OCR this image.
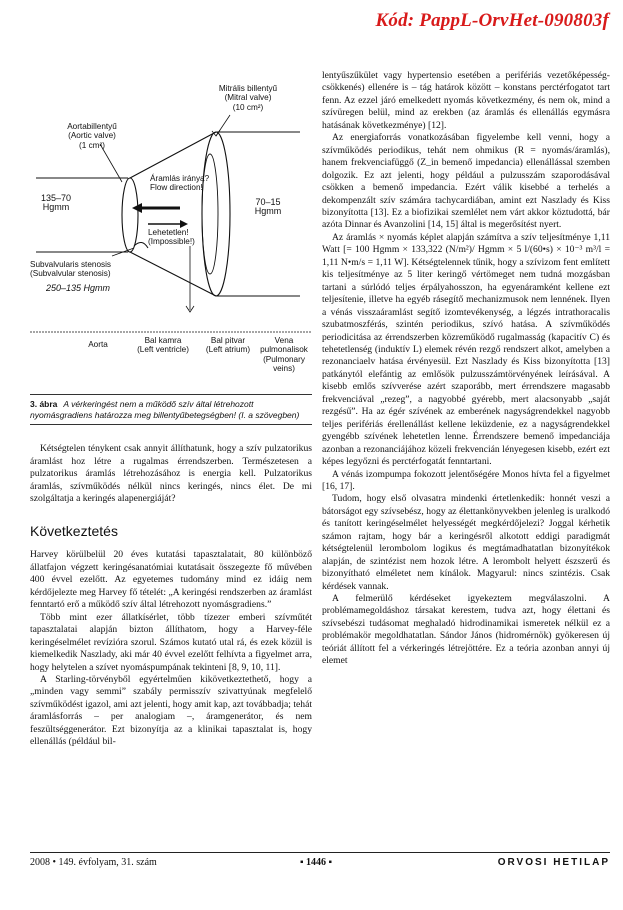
Kód: PappL-OrvHet-090803f
Mitrális billentyű
(Mitral valve)
(10 cm²)
Aortabillentyű
(Aortic valve)
(1 cm²)
135–70
Hgmm
70–15
Hgmm
Áramlás iránya?
Flow direction!
Lehetetlen!
(Impossible!)
Subvalvularis stenosis
(Subvalvular stenosis)
250–135 Hgmm
Aorta	Bal kamra
(Left ventricle)
Bal pitvar
(Left atrium)
Vena
pulmonalisok
(Pulmonary
veins)
3. ábra A vérkeringést nem a működő szív által létrehozott nyomásgradiens határozza meg billentyűbetegségben! (I. a szövegben)

Kétségtelen ténykent csak annyit állíthatunk, hogy a szív pulzatorikus áramlást hoz létre a rugalmas érrendszerben. Természetesen a pulzatorikus áramlás létrehozásához is energia kell. Pulzatorikus áramlás, szívműködés nélkül nincs keringés, nincs élet. De mi szolgáltatja a keringés alapenergiáját?

Következtetés

Harvey körülbelül 20 éves kutatási tapasztalatait, 80 különböző állatfajon végzett keringésanatómiai kutatásait összegezte fő művében 400 évvel ezelőtt. Az egyetemes tudomány mind ez idáig nem kérdőjelezte meg Harvey fő tételét: „A keringési rendszerben az áramlást fenntartó erő a működő szív által létrehozott nyomásgradiens.”

Több mint ezer állatkísérlet, több tízezer emberi szívműtét tapasztalatai alapján bizton állíthatom, hogy a Harvey-féle keringéselmélet revízióra szorul. Számos kutató utal rá, és ezek közül is kiemelkedik Naszlady, aki már 40 évvel ezelőtt felhívta a figyelmet arra, hogy helytelen a szívet nyomáspumpának tekinteni [8, 9, 10, 11].

A Starling-törvényből egyértelműen kikövetkeztethető, hogy a „minden vagy semmi” szabály permisszív szivattyúnak megfelelő szívműködést igazol, ami azt jelenti, hogy amit kap, azt továbbadja; tehát áramlásforrás – per analogiam –, áramgenerátor, és nem feszültséggenerátor. Ezt bizonyítja az a klinikai tapasztalat is, hogy ellenállás (például bil-

lentyűszűkület vagy hypertensio esetében a perifériás vezetőképesség-csökkenés) ellenére is – tág határok között – konstans perctérfogatot tart fenn. Az ezzel járó emelkedett nyomás következmény, és nem ok, mind a szívüregen belül, mind az erekben (az áramlás és ellenállás egymásra hatásának következménye) [12].

Az energiaforrás vonatkozásában figyelembe kell venni, hogy a szívműködés periodikus, tehát nem ohmikus (R = nyomás/áramlás), hanem frekvenciafüggő (Z_in bemenő impedancia) ellenállással szemben dolgozik. Ez azt jelenti, hogy például a pulzusszám szaporodásával csökken a bemenő impedancia. Ezért válik kisebbé a terhelés a dekompenzált szív számára tachycardiában, amint ezt Naszlady és Kiss bizonyította [13]. Ez a biofizikai szemlélet nem várt akkor köztudottá, bár azóta Dinnar és Avanzolini [14, 15] által is megerősítést nyert.

Az áramlás × nyomás képlet alapján számítva a szív teljesítménye 1,11 Watt [= 100 Hgmm × 133,322 (N/m²)/ Hgmm × 5 l/(60•s) × 10⁻³ m³/l = 1,11 N•m/s = 1,11 W]. Kétségtelennek tűnik, hogy a szívizom fent említett kis teljesítménye az 5 liter keringő vértömeget nem tudná mozgásban tartani a súrlódó teljes érpályahosszon, ha egyenáramként kellene ezt teljesítenie, illetve ha egyéb rásegítő mechanizmusok nem lennének. Ilyen a vénás visszaáramlást segítő izomtevékenység, a légzés intrathoracalis szubatmoszférás, szintén periodikus, szívó hatása. A szívműködés periodicitása az érrendszerben közreműködő rugalmasság (kapacitív C) és tehetetlenség (induktív L) elemek révén rezgő rendszert alkot, amelyben a rezonanciaelv hatása érvényesül. Ezt Naszlady és Kiss bizonyította [13] patkánytól elefántig az emlősök pulzusszámtörvényének leírásával. A kisebb emlős szívverése azért szaporább, mert érrendszere magasabb frekvenciával „rezeg”, a nagyobbé gyérebb, mert alacsonyabb „saját rezgésű”. Ha az égér szívének az emberének nagyságrendekkel nagyobb teljes perifériás érellenállást kellene leküzdenie, ez a nagyságrendekkel gyengébb szívének lehetetlen lenne. Érrendszere bemenő impedanciája azonban a rezonanciájához közeli frekvencián lényegesen kisebb, ezért ezt képes legyőzni és perctérfogatát fenntartani.

A vénás izompumpa fokozott jelentőségére Monos hívta fel a figyelmet [16, 17].

Tudom, hogy első olvasatra mindenki értetlenkedik: honnét veszi a bátorságot egy szívsebész, hogy az élettankönyvekben jelenleg is uralkodó és tanított keringéselmélet helyességét megkérdőjelezi? Joggal kérhetik számon rajtam, hogy bár a keringésről alkotott eddigi paradigmát kétségtelenül lerombolom logikus és megtámadhatatlan bizonyítékok alapján, de szintézist nem hozok létre. A lerombolt helyett észszerű és bizonyítható elméletet nem kínálok. Magyarul: nincs szintézis. Csak kérdések vannak.

A felmerülő kérdéseket igyekeztem megválaszolni. A problémamegoldáshoz társakat kerestem, tudva azt, hogy élettani és szívsebészi tudásomat meghaladó hidrodinamikai ismeretek nélkül ez a problémakör megoldhatatlan. Sándor János (hidromérnök) gyökeresen új teóriát állított fel a vérkeringés létrejöttére. Ez a teória azonban annyi új elemet

2008 • 149. évfolyam, 31. szám	▪ 1446 ▪	ORVOSI HETILAP
